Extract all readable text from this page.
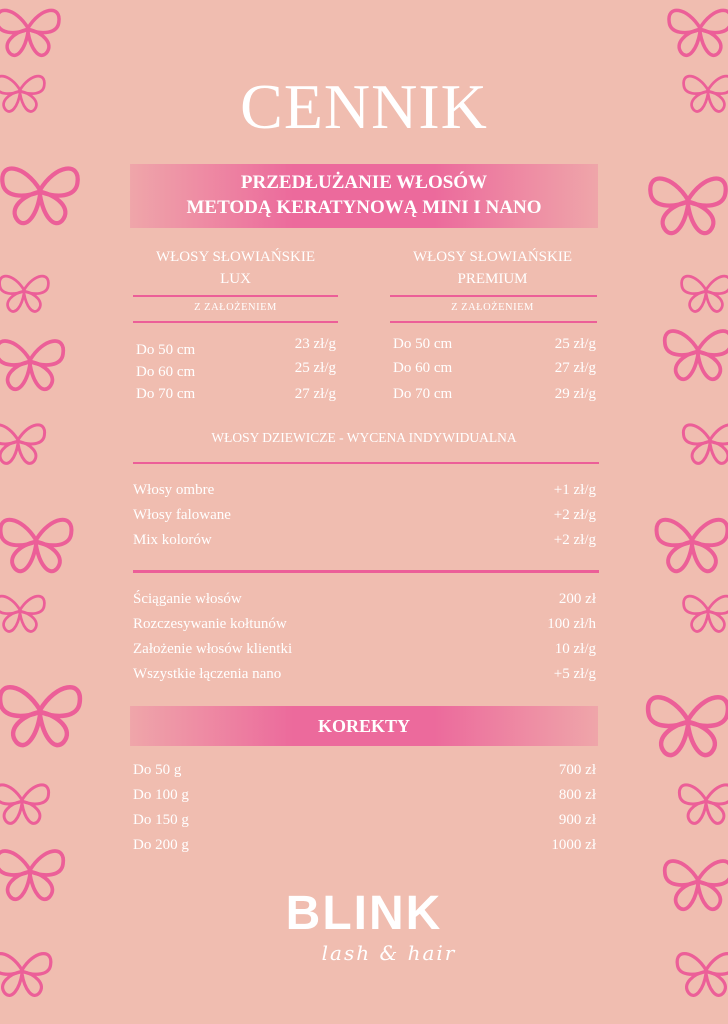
CENNIK
PRZEDŁUŻANIE WŁOSÓW
METODĄ KERATYNOWĄ MINI I NANO
WŁOSY SŁOWIAŃSKIE
LUX
WŁOSY SŁOWIAŃSKIE
PREMIUM
Z ZAŁOŻENIEM	Z ZAŁOŻENIEM
Do 50 cm	23 zł/g
Do 60 cm	25 zł/g
Do 70 cm	27 zł/g
Do 50 cm	25 zł/g
Do 60 cm	27 zł/g
Do 70 cm	29 zł/g
WŁOSY DZIEWICZE - WYCENA INDYWIDUALNA
Włosy ombre	+1 zł/g
Włosy falowane	+2 zł/g
Mix kolorów	+2 zł/g
Ściąganie włosów	200 zł
Rozczesywanie kołtunów	100 zł/h
Założenie włosów klientki	10 zł/g
Wszystkie łączenia nano	+5 zł/g
KOREKTY
Do 50 g	700 zł
Do 100 g	800 zł
Do 150 g	900 zł
Do 200 g	1000 zł
BLINK
lash & hair
